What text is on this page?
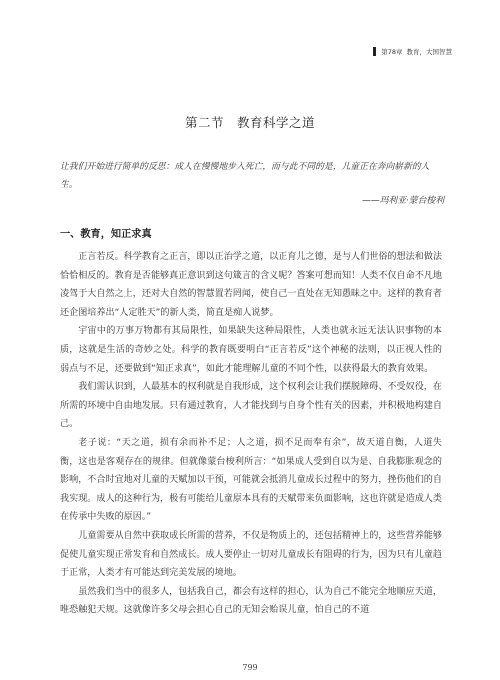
第78章 教育，大国智慧
第二节　教育科学之道
让我们开始进行简单的反思：成人在慢慢地步入死亡，而与此不同的是，儿童正在奔向崭新的人生。
——玛利亚·蒙台梭利
一、教育，知正求真

正言若反。科学教育之正言，即以正治学之道，以正育儿之德，是与人们世俗的想法和做法恰恰相反的。教育是否能够真正意识到这句箴言的含义呢？答案可想而知！人类不仅自命不凡地凌驾于大自然之上，还对大自然的智慧置若罔闻，使自己一直处在无知愚昧之中。这样的教育者还企图培养出“人定胜天”的新人类，简直是痴人说梦。

宇宙中的万事万物都有其局限性，如果缺失这种局限性，人类也就永远无法认识事物的本质，这就是生活的奇妙之处。科学的教育既要明白“正言若反”这个神秘的法则，以正视人性的弱点与不足，还要做到“知正求真”，如此才能理解儿童的不同个性，以获得最大的教育效果。

我们需认识到，人最基本的权利就是自我形成，这个权利会让我们摆脱障碍、不受奴役，在所需的环境中自由地发展。只有通过教育，人才能找到与自身个性有关的因素，并积极地构建自己。

老子说：“天之道，损有余而补不足；人之道，损不足而奉有余”，故天道自衡，人道失衡，这也是客观存在的规律。但就像蒙台梭利所言：“如果成人受到自以为是、自我膨胀观念的影响，不合时宜地对儿童的天赋加以干预，可能就会抵消儿童成长过程中的努力，挫伤他们的自我实现。成人的这种行为，极有可能给儿童原本具有的天赋带来负面影响，这也许就是造成人类在传承中失败的原因。”

儿童需要从自然中获取成长所需的营养，不仅是物质上的，还包括精神上的，这些营养能够促使儿童实现正常发育和自然成长。成人要停止一切对儿童成长有阻碍的行为，因为只有儿童趋于正常，人类才有可能达到完美发展的境地。

虽然我们当中的很多人，包括我自己，都会有这样的担心，认为自己不能完全地顺应天道，唯恐触犯天规。这就像许多父母会担心自己的无知会贻误儿童，怕自己的不道

799
